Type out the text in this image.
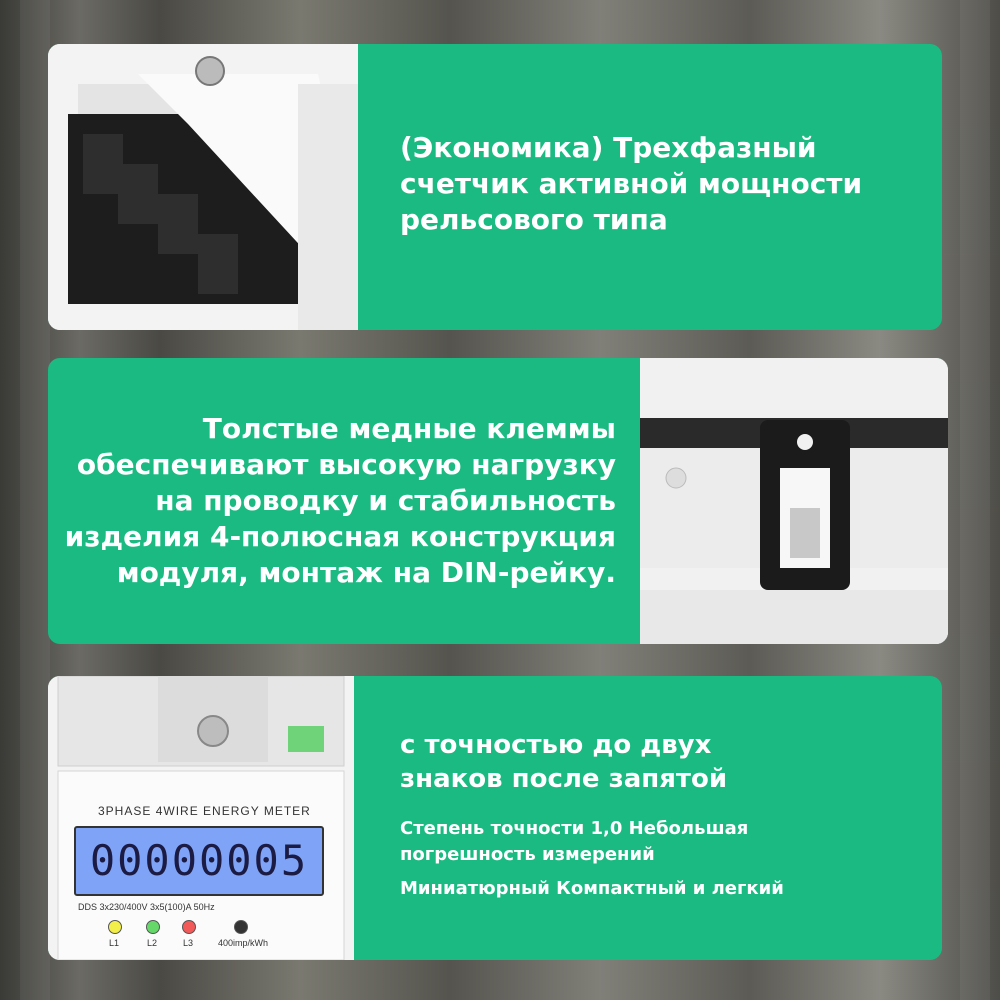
(Экономика) Трехфазный
счетчик активной мощности
рельсового типа
Толстые медные клеммы
обеспечивают высокую нагрузку
на проводку и стабильность
изделия 4-полюсная конструкция
модуля, монтаж на DIN-рейку.
3PHASE 4WIRE ENERGY METER
00000005
DDS 3x230/400V 3x5(100)A 50Hz
L1	L2	L3	400imp/kWh
с точностью до двух
знаков после запятой
Степень точности 1,0 Небольшая
погрешность измерений
Миниатюрный Компактный и легкий
